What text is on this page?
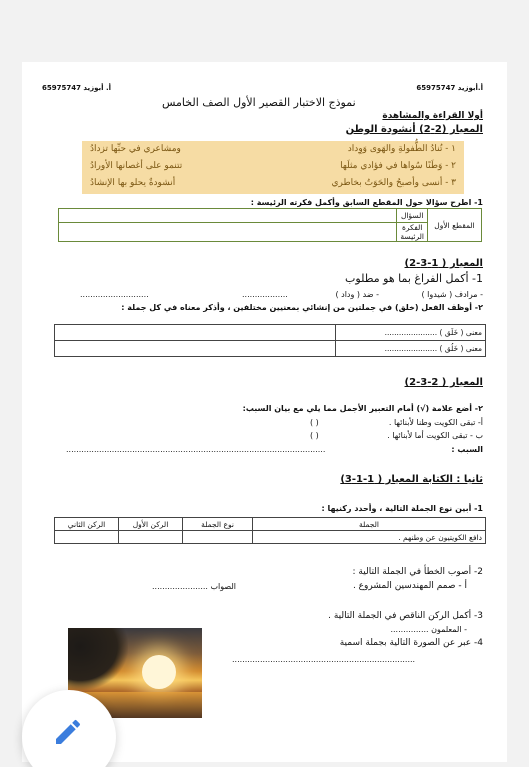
أ.أبوزيد 65975747
أ. أبوزيد 65975747
نموذج الاختبار القصير الأول الصف الخامس
أولا القراءة والمشاهدة
المعيار (2-2) أنشودة الوطن
١ - تُنادُ الطُّفولةِ والهَوى وَوِداد
ومشاعري في حبِّها تزدادُ
٢ - وَطَنًا سُواها في فؤادي مثلَها
تتنمو على أغصانها الأورادُ
٣ - أنسى وأصبحُ والحَوَتُ بخاطري
أنشودةٌ يحلو بها الإنشادُ
1- اطرح سؤالا حول المقطع السابق وأكمل فكرته الرئيسة :
	السؤال	المقطع الأول
	الفكرة الرئيسة	
المعيار ( 1-3-2)
1- أكمل الفراغ بما هو مطلوب
- مرادف ( شيدوا )
- ضد ( وداد )
..................
...........................
٢- أوظف الفعل (خلق) في جملتين من إنشائي بمعنيين مختلفين ، وأذكر معناه في كل جملة :
	معنى ( خَلَق ) ......................
	معنى ( خَلُق ) ......................
المعيار ( 2-3-2)
٢- أضع علامة (√) أمام التعبير الأجمل مما يلي مع بيان السبب:
أ- تبقى الكويت وطنا لأبنائها .
( )
ب - تبقى الكويت أما لأبنائها .
( )
السبب :
......................................................................................................
ثانيا : الكتابة المعيار ( 1-1-3)
1- أبين نوع الجملة التالية ، وأحدد ركنيها :
الركن الثاني	الركن الأول	نوع الجملة	الجملة
			دافع الكويتيون عن وطنهم .
2- أصوب الخطأ في الجملة التالية :
أ - صمم المهندسين المشروع .
الصواب ......................
3- أكمل الركن الناقص في الجملة التالية .
- المعلمون ...............
4- عبر عن الصورة التالية بجملة اسمية
........................................................................
